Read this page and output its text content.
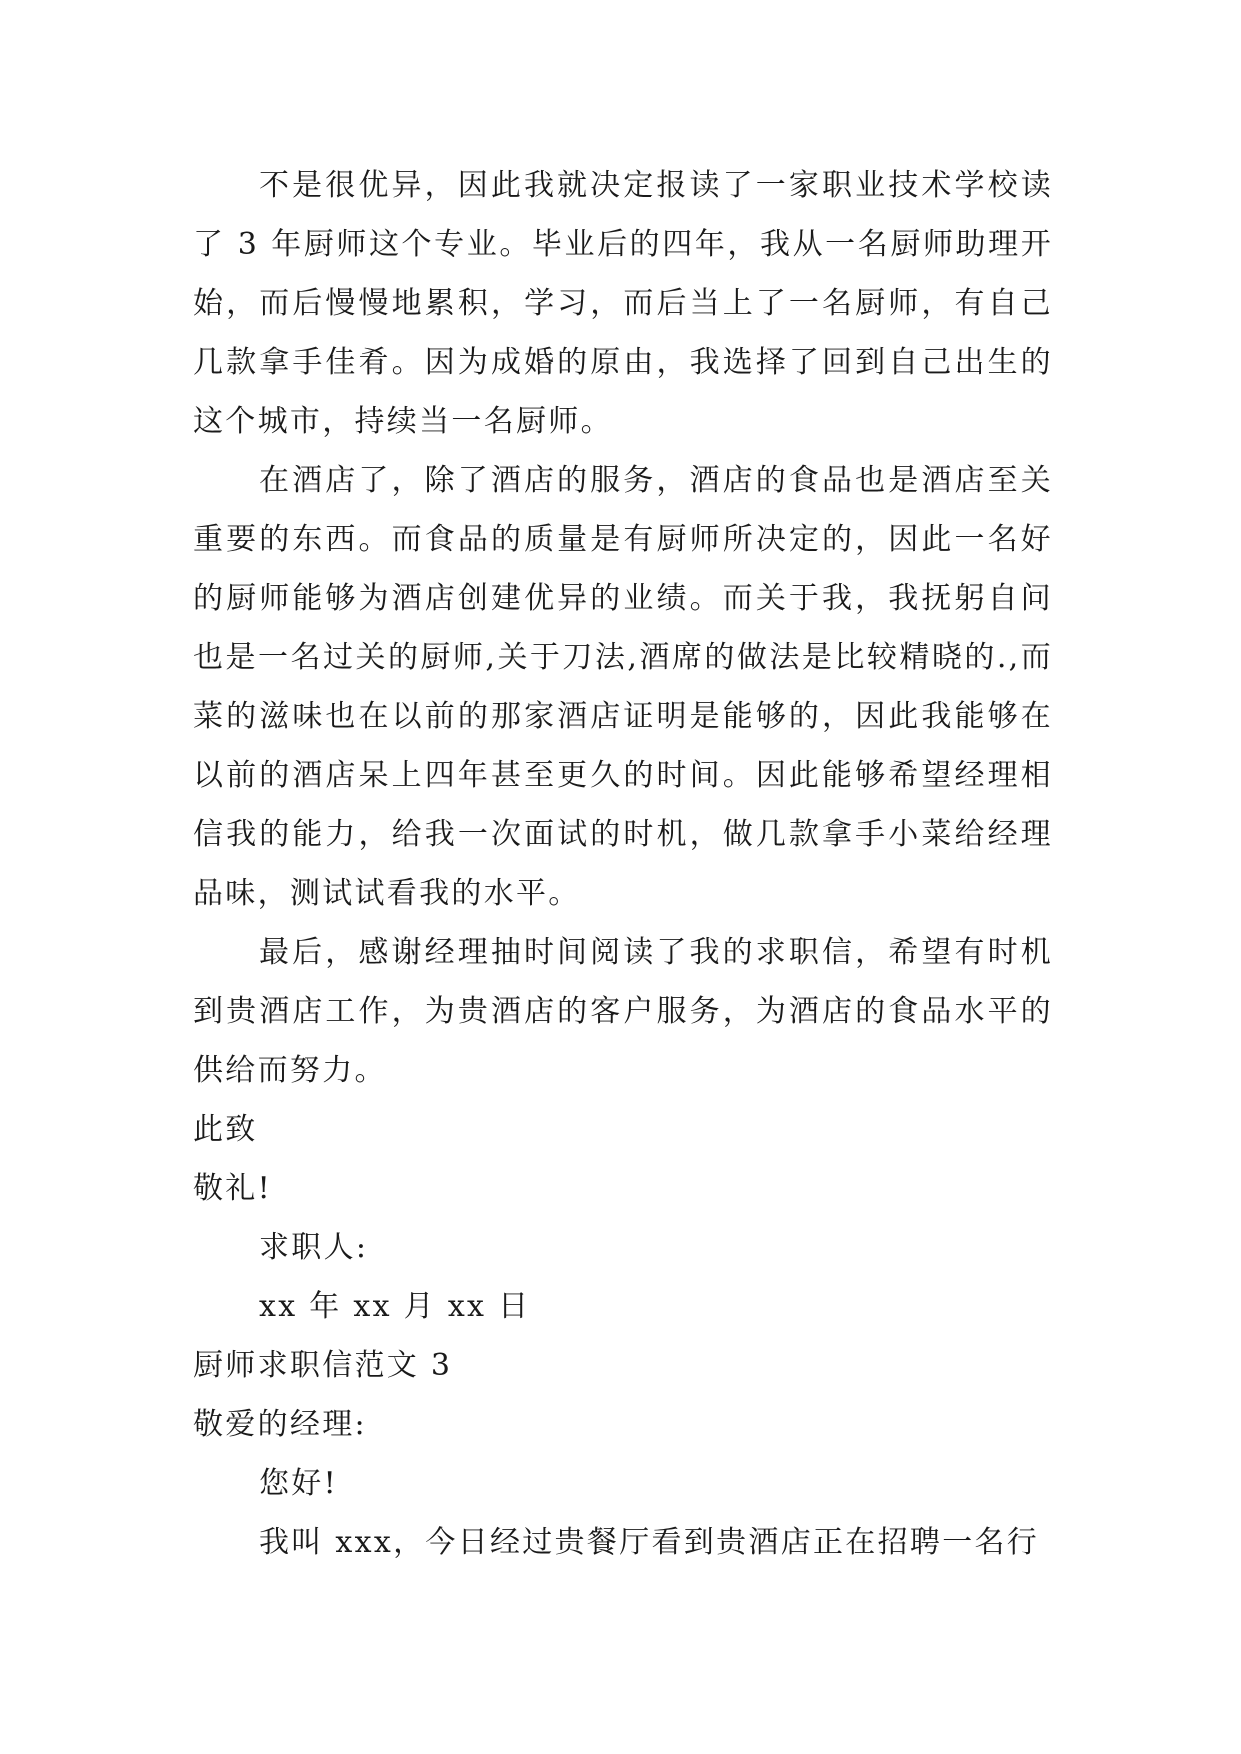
不是很优异，因此我就决定报读了一家职业技术学校读了 3 年厨师这个专业。毕业后的四年，我从一名厨师助理开始，而后慢慢地累积，学习，而后当上了一名厨师，有自己几款拿手佳肴。因为成婚的原由，我选择了回到自己出生的这个城市，持续当一名厨师。

在酒店了，除了酒店的服务，酒店的食品也是酒店至关重要的东西。而食品的质量是有厨师所决定的，因此一名好的厨师能够为酒店创建优异的业绩。而关于我，我抚躬自问也是一名过关的厨师,关于刀法,酒席的做法是比较精晓的.,而菜的滋味也在以前的那家酒店证明是能够的，因此我能够在以前的酒店呆上四年甚至更久的时间。因此能够希望经理相信我的能力，给我一次面试的时机，做几款拿手小菜给经理品味，测试试看我的水平。

最后，感谢经理抽时间阅读了我的求职信，希望有时机到贵酒店工作，为贵酒店的客户服务，为酒店的食品水平的供给而努力。

此致

敬礼!

求职人:

xx 年 xx 月 xx 日

厨师求职信范文 3

敬爱的经理:

您好!

我叫 xxx，今日经过贵餐厅看到贵酒店正在招聘一名行
